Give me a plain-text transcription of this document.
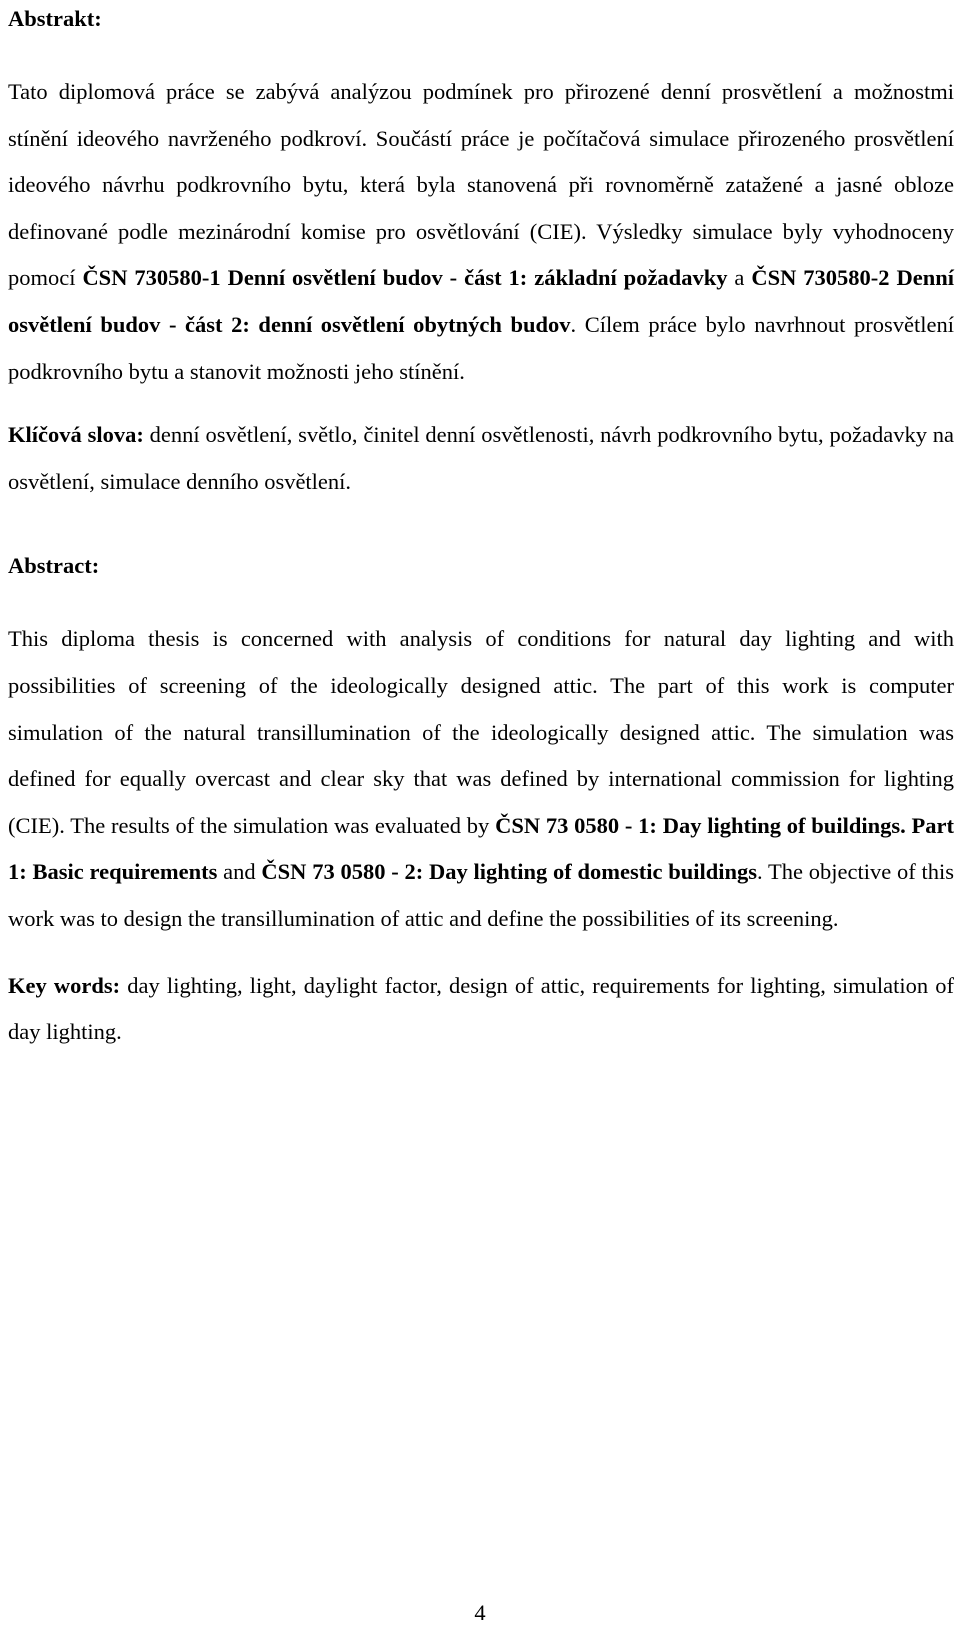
Abstrakt:

Tato diplomová práce se zabývá analýzou podmínek pro přirozené denní prosvětlení a možnostmi stínění ideového navrženého podkroví. Součástí práce je počítačová simulace přirozeného prosvětlení ideového návrhu podkrovního bytu, která byla stanovená při rovnoměrně zatažené a jasné obloze definované podle mezinárodní komise pro osvětlování (CIE). Výsledky simulace byly vyhodnoceny pomocí ČSN 730580-1 Denní osvětlení budov - část 1: základní požadavky a ČSN 730580-2 Denní osvětlení budov - část 2: denní osvětlení obytných budov. Cílem práce bylo navrhnout prosvětlení podkrovního bytu a stanovit možnosti jeho stínění.

Klíčová slova: denní osvětlení, světlo, činitel denní osvětlenosti, návrh podkrovního bytu, požadavky na osvětlení, simulace denního osvětlení.

Abstract:

This diploma thesis is concerned with analysis of conditions for natural day lighting and with possibilities of screening of the ideologically designed attic. The part of this work is computer simulation of the natural transillumination of the ideologically designed attic. The simulation was defined for equally overcast and clear sky that was defined by international commission for lighting (CIE). The results of the simulation was evaluated by ČSN 73 0580 - 1: Day lighting of buildings. Part 1: Basic requirements and ČSN 73 0580 - 2: Day lighting of domestic buildings. The objective of this work was to design the transillumination of attic and define the possibilities of its screening.

Key words: day lighting, light, daylight factor, design of attic, requirements for lighting, simulation of day lighting.

4
